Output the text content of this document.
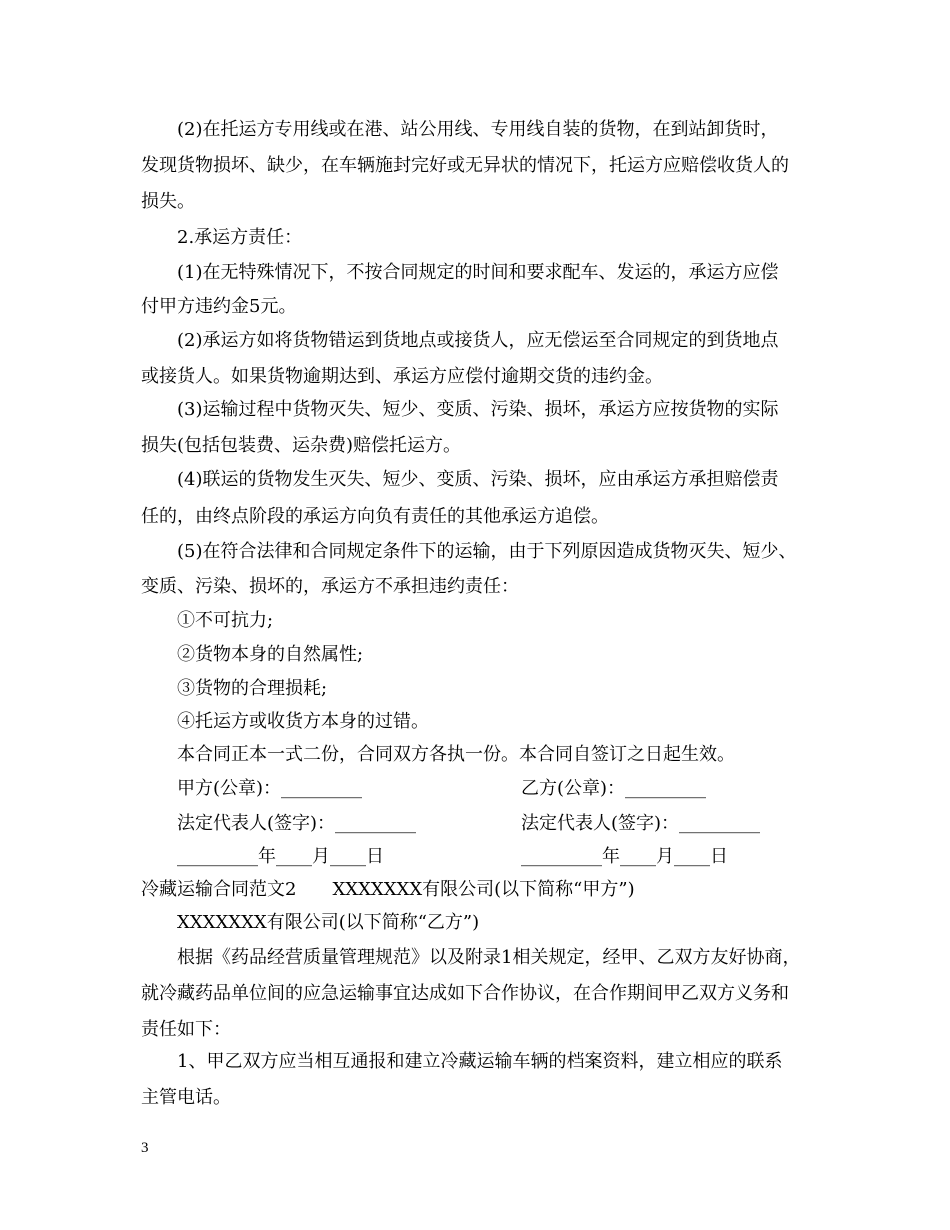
(2)在托运方专用线或在港、站公用线、专用线自装的货物，在到站卸货时，
发现货物损坏、缺少，在车辆施封完好或无异状的情况下，托运方应赔偿收货人的
损失。
2.承运方责任：
(1)在无特殊情况下，不按合同规定的时间和要求配车、发运的，承运方应偿
付甲方违约金5元。
(2)承运方如将货物错运到货地点或接货人，应无偿运至合同规定的到货地点
或接货人。如果货物逾期达到、承运方应偿付逾期交货的违约金。
(3)运输过程中货物灭失、短少、变质、污染、损坏，承运方应按货物的实际
损失(包括包装费、运杂费)赔偿托运方。
(4)联运的货物发生灭失、短少、变质、污染、损坏，应由承运方承担赔偿责
任的，由终点阶段的承运方向负有责任的其他承运方追偿。
(5)在符合法律和合同规定条件下的运输，由于下列原因造成货物灭失、短少、
变质、污染、损坏的，承运方不承担违约责任：
①不可抗力;
②货物本身的自然属性;
③货物的合理损耗;
④托运方或收货方本身的过错。
本合同正本一式二份，合同双方各执一份。本合同自签订之日起生效。
甲方(公章)：_________	乙方(公章)：_________
法定代表人(签字)：_________	法定代表人(签字)：_________
_________年____月____日	_________年____月____日
冷藏运输合同范文2　　XXXXXXX有限公司(以下简称“甲方”)
XXXXXXX有限公司(以下简称“乙方”)
根据《药品经营质量管理规范》以及附录1相关规定，经甲、乙双方友好协商，
就冷藏药品单位间的应急运输事宜达成如下合作协议，在合作期间甲乙双方义务和
责任如下：
1、甲乙双方应当相互通报和建立冷藏运输车辆的档案资料，建立相应的联系
主管电话。
3
